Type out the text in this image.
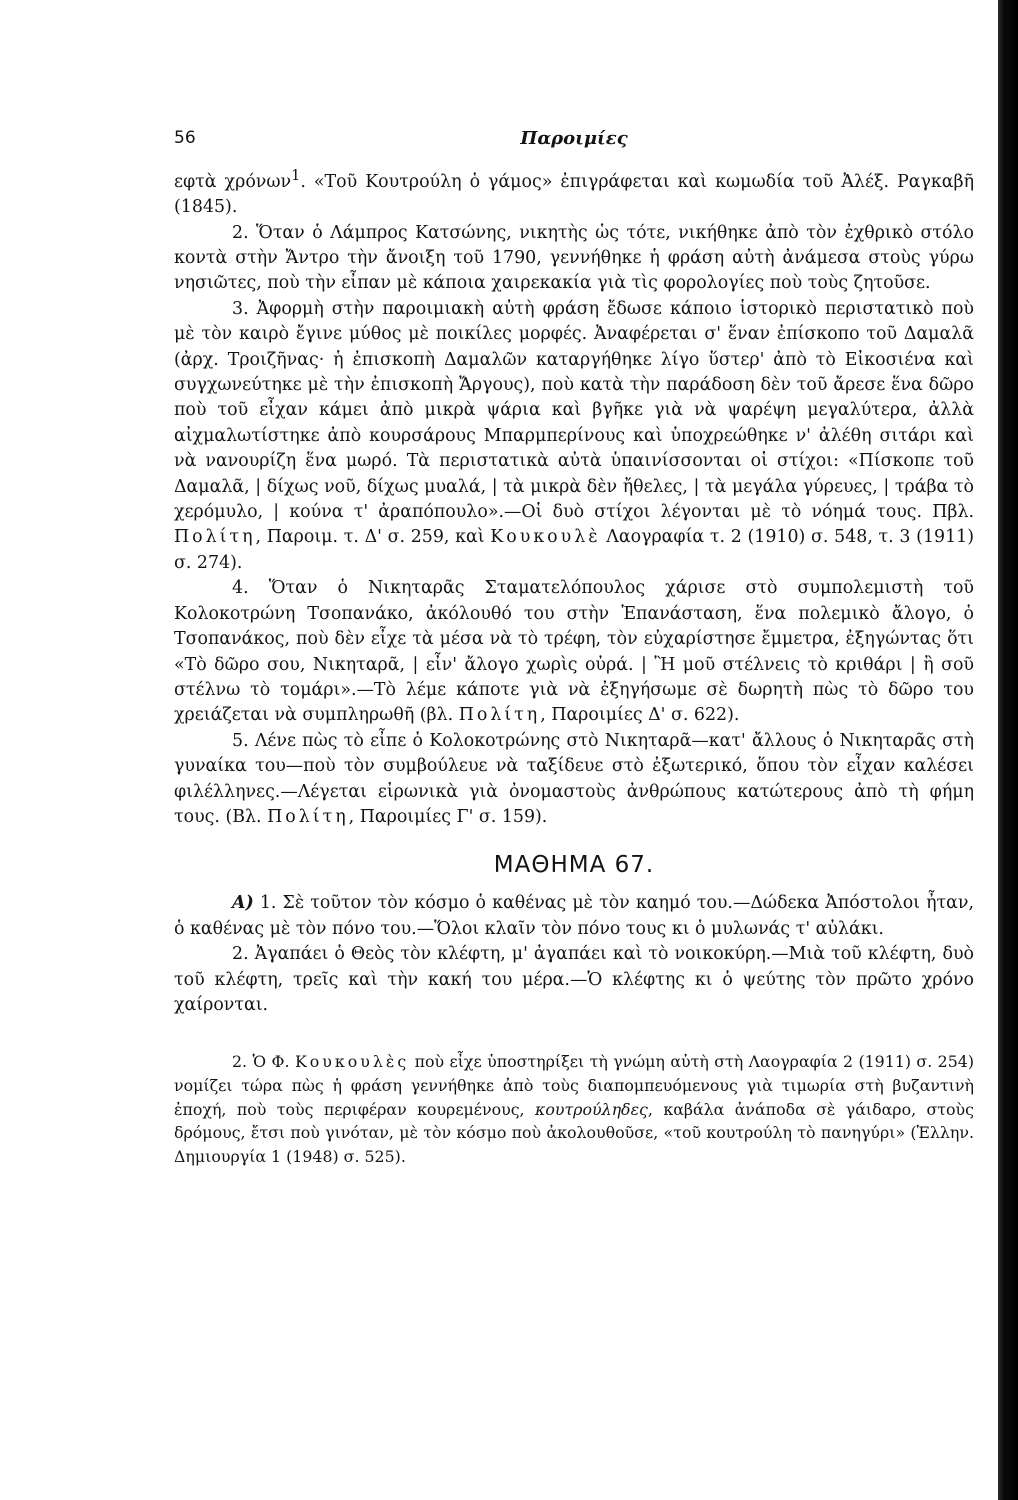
56	Παροιμίες

εφτὰ χρόνων$^1$. «Τοῦ Κουτρούλη ὁ γάμος» ἐπιγράφεται καὶ κωμωδία τοῦ Ἀλέξ. Ραγκαβῆ (1845).

2. Ὅταν ὁ Λάμπρος Κατσώνης, νικητὴς ὡς τότε, νικήθηκε ἀπὸ τὸν ἐχθρικὸ στόλο κοντὰ στὴν Ἄντρο τὴν ἄνοιξη τοῦ 1790, γεννήθηκε ἡ φράση αὐτὴ ἀνάμεσα στοὺς γύρω νησιῶτες, ποὺ τὴν εἶπαν μὲ κάποια χαιρεκακία γιὰ τὶς φορολογίες ποὺ τοὺς ζητοῦσε.

3. Ἀφορμὴ στὴν παροιμιακὴ αὐτὴ φράση ἔδωσε κάποιο ἱστορικὸ περιστατικὸ ποὺ μὲ τὸν καιρὸ ἔγινε μύθος μὲ ποικίλες μορφές. Ἀναφέρεται σ' ἕναν ἐπίσκοπο τοῦ Δαμαλᾶ (ἀρχ. Τροιζῆνας· ἡ ἐπισκοπὴ Δαμαλῶν καταργήθηκε λίγο ὕστερ' ἀπὸ τὸ Εἰκοσιένα καὶ συγχωνεύτηκε μὲ τὴν ἐπισκοπὴ Ἄργους), ποὺ κατὰ τὴν παράδοση δὲν τοῦ ἄρεσε ἕνα δῶρο ποὺ τοῦ εἶχαν κάμει ἀπὸ μικρὰ ψάρια καὶ βγῆκε γιὰ νὰ ψαρέψη μεγαλύτερα, ἀλλὰ αἰχμαλωτίστηκε ἀπὸ κουρσάρους Μπαρμπερίνους καὶ ὑποχρεώθηκε ν' ἀλέθη σιτάρι καὶ νὰ νανουρίζη ἕνα μωρό. Τὰ περιστατικὰ αὐτὰ ὑπαινίσσονται οἱ στίχοι: «Πίσκοπε τοῦ Δαμαλᾶ, | δίχως νοῦ, δίχως μυαλά, | τὰ μικρὰ δὲν ἤθελες, | τὰ μεγάλα γύρευες, | τράβα τὸ χερόμυλο, | κούνα τ' ἀραπόπουλο».—Οἱ δυὸ στίχοι λέγονται μὲ τὸ νόημά τους. Πβλ. Πολίτη, Παροιμ. τ. Δ' σ. 259, καὶ Κουκουλὲ Λαογραφία τ. 2 (1910) σ. 548, τ. 3 (1911) σ. 274).

4. Ὅταν ὁ Νικηταρᾶς Σταματελόπουλος χάρισε στὸ συμπολεμιστὴ τοῦ Κολοκοτρώνη Τσοπανάκο, ἀκόλουθό του στὴν Ἐπανάσταση, ἕνα πολεμικὸ ἄλογο, ὁ Τσοπανάκος, ποὺ δὲν εἶχε τὰ μέσα νὰ τὸ τρέφη, τὸν εὐχαρίστησε ἔμμετρα, ἐξηγώντας ὅτι «Τὸ δῶρο σου, Νικηταρᾶ, | εἶν' ἄλογο χωρὶς οὐρά. | Ἢ μοῦ στέλνεις τὸ κριθάρι | ἢ σοῦ στέλνω τὸ τομάρι».—Τὸ λέμε κάποτε γιὰ νὰ ἐξηγήσωμε σὲ δωρητὴ πὼς τὸ δῶρο του χρειάζεται νὰ συμπληρωθῆ (βλ. Πολίτη, Παροιμίες Δ' σ. 622).

5. Λένε πὼς τὸ εἶπε ὁ Κολοκοτρώνης στὸ Νικηταρᾶ—κατ' ἄλλους ὁ Νικηταρᾶς στὴ γυναίκα του—ποὺ τὸν συμβούλευε νὰ ταξίδευε στὸ ἐξωτερικό, ὅπου τὸν εἶχαν καλέσει φιλέλληνες.—Λέγεται εἰρωνικὰ γιὰ ὀνομαστοὺς ἀνθρώπους κατώτερους ἀπὸ τὴ φήμη τους. (Βλ. Πολίτη, Παροιμίες Γ' σ. 159).

ΜΑΘΗΜΑ 67.

Α) 1. Σὲ τοῦτον τὸν κόσμο ὁ καθένας μὲ τὸν καημό του.—Δώδεκα Ἀπόστολοι ἦταν, ὁ καθένας μὲ τὸν πόνο του.—Ὅλοι κλαῖν τὸν πόνο τους κι ὁ μυλωνάς τ' αὐλάκι.

2. Ἀγαπάει ὁ Θεὸς τὸν κλέφτη, μ' ἀγαπάει καὶ τὸ νοικοκύρη.—Μιὰ τοῦ κλέφτη, δυὸ τοῦ κλέφτη, τρεῖς καὶ τὴν κακή του μέρα.—Ὁ κλέφτης κι ὁ ψεύτης τὸν πρῶτο χρόνο χαίρονται.

2. Ὁ Φ. Κουκουλὲς ποὺ εἶχε ὑποστηρίξει τὴ γνώμη αὐτὴ στὴ Λαογραφία 2 (1911) σ. 254) νομίζει τώρα πὼς ἡ φράση γεννήθηκε ἀπὸ τοὺς διαπομπευόμενους γιὰ τιμωρία στὴ βυζαντινὴ ἐποχή, ποὺ τοὺς περιφέραν κουρεμένους, κουτρούληδες, καβάλα ἀνάποδα σὲ γάιδαρο, στοὺς δρόμους, ἔτσι ποὺ γινόταν, μὲ τὸν κόσμο ποὺ ἀκολουθοῦσε, «τοῦ κουτρούλη τὸ πανηγύρι» (Ἑλλην. Δημιουργία 1 (1948) σ. 525).
